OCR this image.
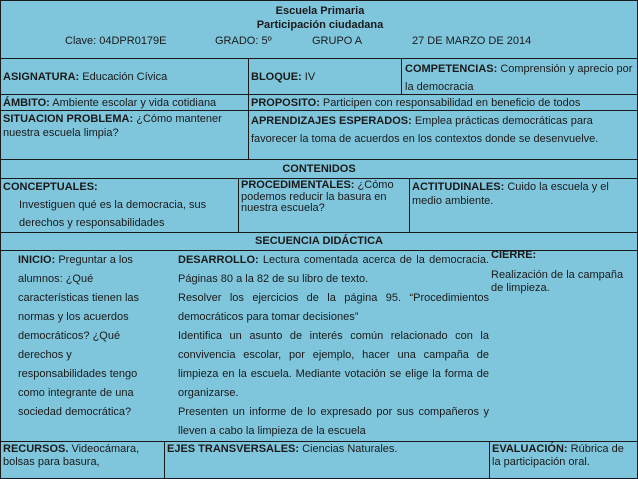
Escuela Primaria
Participación ciudadana
Clave: 04DPR0179E	GRADO: 5º	GRUPO A	27 DE MARZO DE 2014
ASIGNATURA: Educación Cívica	BLOQUE: IV
COMPETENCIAS: Comprensión y aprecio por la democracia
ÁMBITO: Ambiente escolar y vida cotidiana	PROPOSITO: Participen con responsabilidad en beneficio de todos
SITUACION PROBLEMA: ¿Cómo mantener nuestra escuela limpia?
APRENDIZAJES ESPERADOS: Emplea prácticas democráticas para favorecer la toma de acuerdos en los contextos donde se desenvuelve.
CONTENIDOS
CONCEPTUALES:
Investiguen qué es la democracia, sus derechos y responsabilidades
PROCEDIMENTALES: ¿Cómo podemos reducir la basura en nuestra escuela?
ACTITUDINALES: Cuido la escuela y el medio ambiente.
SECUENCIA DIDÁCTICA
INICIO: Preguntar a los alumnos: ¿Qué características tienen las normas y los acuerdos democráticos? ¿Qué derechos y responsabilidades tengo como integrante de una sociedad democrática?
DESARROLLO: Lectura comentada acerca de la democracia. Páginas 80 a la 82 de su libro de texto.
Resolver los ejercicios de la página 95. “Procedimientos democráticos para tomar decisiones”
Identifica un asunto de interés común relacionado con la convivencia escolar, por ejemplo, hacer una campaña de limpieza en la escuela. Mediante votación se elige la forma de organizarse.
Presenten un informe de lo expresado por sus compañeros y lleven a cabo la limpieza de la escuela
CIERRE:
Realización de la campaña de limpieza.
RECURSOS. Videocámara, bolsas para basura,
EJES TRANSVERSALES: Ciencias Naturales.	EVALUACIÓN: Rúbrica de la participación oral.
